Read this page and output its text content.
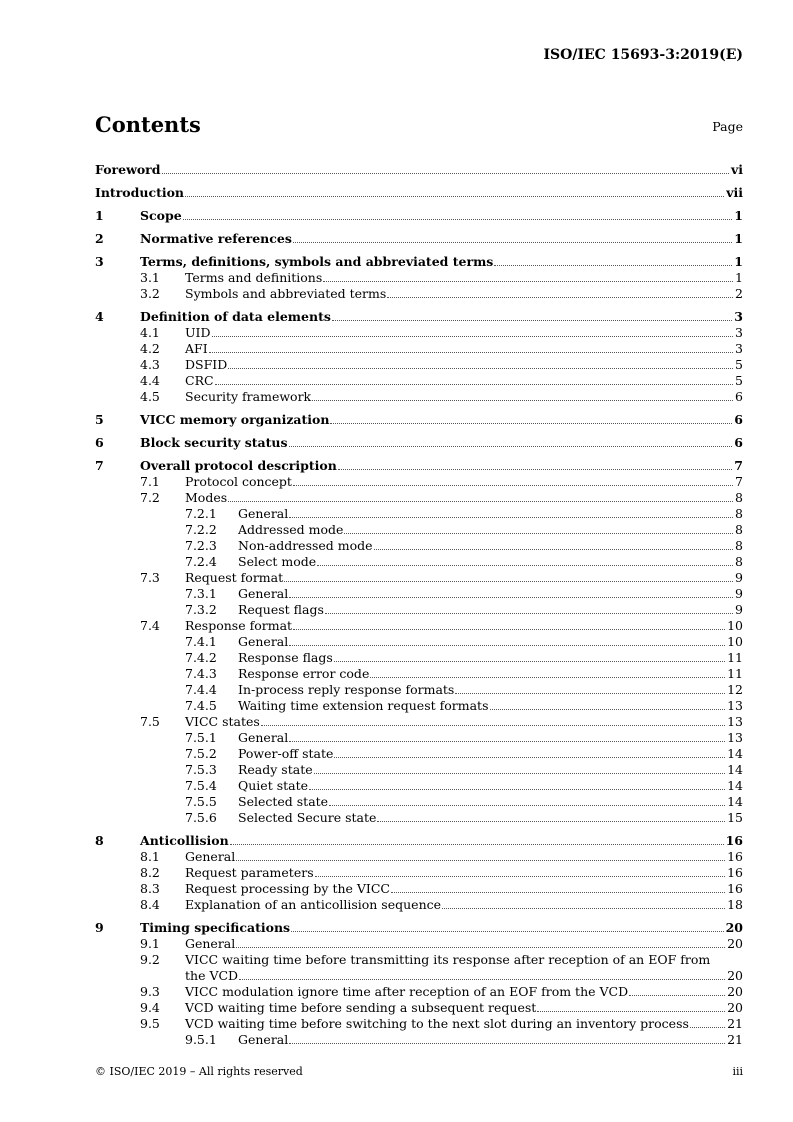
ISO/IEC 15693-3:2019(E)
Contents	Page
Foreword	vi
Introduction	vii
1	Scope	1
2	Normative references	1
3	Terms, definitions, symbols and abbreviated terms	1
3.1 Terms and definitions	1
3.2 Symbols and abbreviated terms	2
4	Definition of data elements	3
4.1 UID	3
4.2 AFI	3
4.3 DSFID	5
4.4 CRC	5
4.5 Security framework	6
5	VICC memory organization	6
6	Block security status	6
7	Overall protocol description	7
7.1 Protocol concept	7
7.2 Modes	8
7.2.1 General	8
7.2.2 Addressed mode	8
7.2.3 Non-addressed mode	8
7.2.4 Select mode	8
7.3 Request format	9
7.3.1 General	9
7.3.2 Request flags	9
7.4 Response format	10
7.4.1 General	10
7.4.2 Response flags	11
7.4.3 Response error code	11
7.4.4 In-process reply response formats	12
7.4.5 Waiting time extension request formats	13
7.5 VICC states	13
7.5.1 General	13
7.5.2 Power-off state	14
7.5.3 Ready state	14
7.5.4 Quiet state	14
7.5.5 Selected state	14
7.5.6 Selected Secure state	15
8	Anticollision	16
8.1 General	16
8.2 Request parameters	16
8.3 Request processing by the VICC	16
8.4 Explanation of an anticollision sequence	18
9	Timing specifications	20
9.1 General	20
9.2 VICC waiting time before transmitting its response after reception of an EOF from
the VCD	20
9.3 VICC modulation ignore time after reception of an EOF from the VCD	20
9.4 VCD waiting time before sending a subsequent request	20
9.5 VCD waiting time before switching to the next slot during an inventory process	21
9.5.1 General	21
© ISO/IEC 2019 – All rights reserved	iii
